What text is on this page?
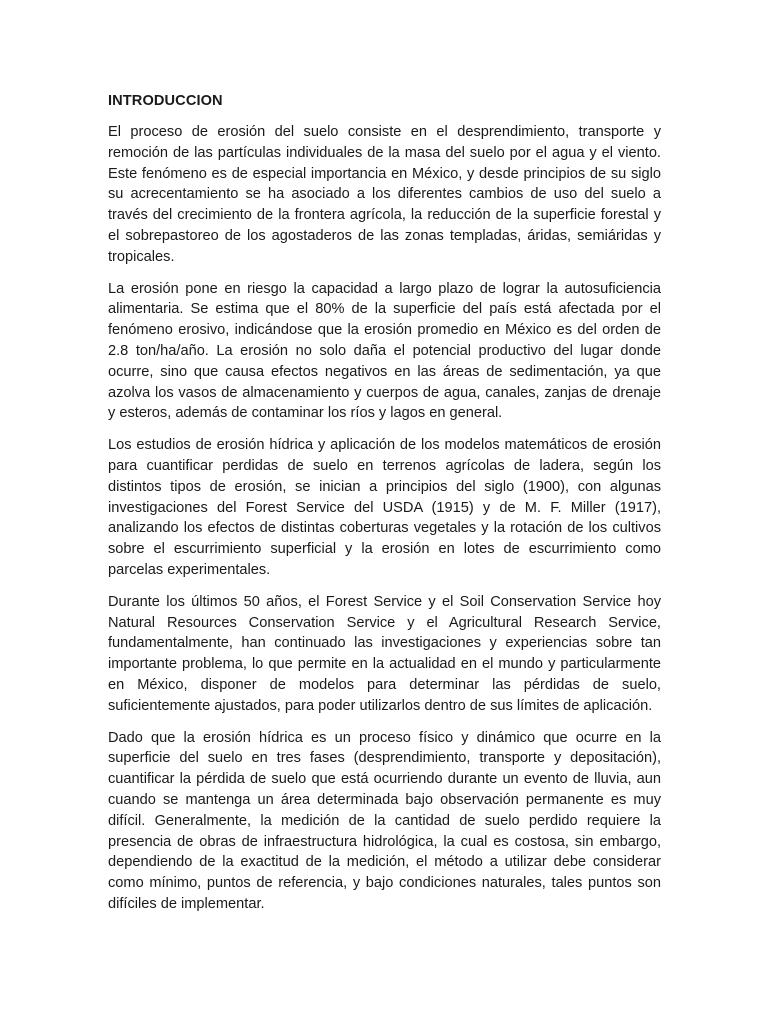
INTRODUCCION

El proceso de erosión del suelo consiste en el desprendimiento, transporte y remoción de las partículas individuales de la masa del suelo por el agua y el viento. Este fenómeno es de especial importancia en México, y desde principios de su siglo su acrecentamiento se ha asociado a los diferentes cambios de uso del suelo a través del crecimiento de la frontera agrícola, la reducción de la superficie forestal y el sobrepastoreo de los agostaderos de las zonas templadas, áridas, semiáridas y tropicales.

La erosión pone en riesgo la capacidad a largo plazo de lograr la autosuficiencia alimentaria. Se estima que el 80% de la superficie del país está afectada por el fenómeno erosivo, indicándose que la erosión promedio en México es del orden de 2.8 ton/ha/año. La erosión no solo daña el potencial productivo del lugar donde ocurre, sino que causa efectos negativos en las áreas de sedimentación, ya que azolva los vasos de almacenamiento y cuerpos de agua, canales, zanjas de drenaje y esteros, además de contaminar los ríos y lagos en general.

Los estudios de erosión hídrica y aplicación de los modelos matemáticos de erosión para cuantificar perdidas de suelo en terrenos agrícolas de ladera, según los distintos tipos de erosión, se inician a principios del siglo (1900), con algunas investigaciones del Forest Service del USDA (1915) y de M. F. Miller (1917), analizando los efectos de distintas coberturas vegetales y la rotación de los cultivos sobre el escurrimiento superficial y la erosión en lotes de escurrimiento como parcelas experimentales.

Durante los últimos 50 años, el Forest Service y el Soil Conservation Service hoy Natural Resources Conservation Service y el Agricultural Research Service, fundamentalmente, han continuado las investigaciones y experiencias sobre tan importante problema, lo que permite en la actualidad en el mundo y particularmente en México, disponer de modelos para determinar las pérdidas de suelo, suficientemente ajustados, para poder utilizarlos dentro de sus límites de aplicación.

Dado que la erosión hídrica es un proceso físico y dinámico que ocurre en la superficie del suelo en tres fases (desprendimiento, transporte y depositación), cuantificar la pérdida de suelo que está ocurriendo durante un evento de lluvia, aun cuando se mantenga un área determinada bajo observación permanente es muy difícil. Generalmente, la medición de la cantidad de suelo perdido requiere la presencia de obras de infraestructura hidrológica, la cual es costosa, sin embargo, dependiendo de la exactitud de la medición, el método a utilizar debe considerar como mínimo, puntos de referencia, y bajo condiciones naturales, tales puntos son difíciles de implementar.
